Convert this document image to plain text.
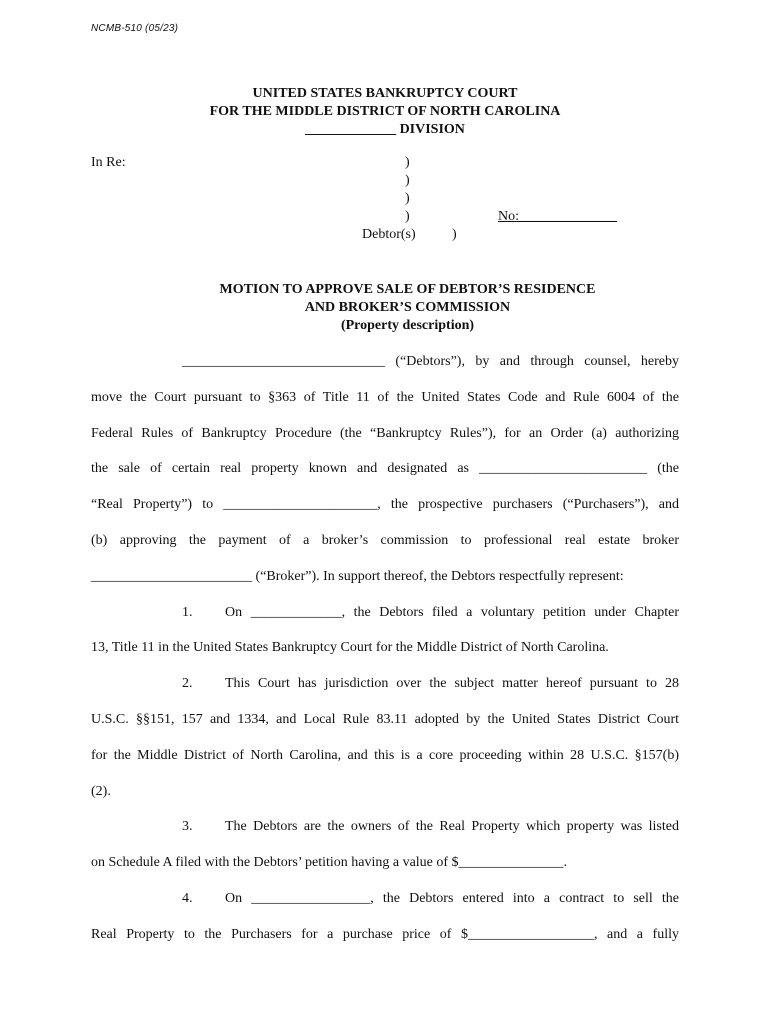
NCMB-510 (05/23)
UNITED STATES BANKRUPTCY COURT
FOR THE MIDDLE DISTRICT OF NORTH CAROLINA
_____________ DIVISION
In Re:	)
)
)
)	No:______________
Debtor(s)	)
MOTION TO APPROVE SALE OF DEBTOR’S RESIDENCE
AND BROKER’S COMMISSION
(Property description)

_____________________________ (“Debtors”), by and through counsel, hereby

move the Court pursuant to §363 of Title 11 of the United States Code and Rule 6004 of the

Federal Rules of Bankruptcy Procedure (the “Bankruptcy Rules”), for an Order (a) authorizing

the sale of certain real property known and designated as ________________________ (the

“Real Property”) to ______________________, the prospective purchasers (“Purchasers”), and

(b) approving the payment of a broker’s commission to professional real estate broker

_______________________ (“Broker”). In support thereof, the Debtors respectfully represent:

1. On _____________, the Debtors filed a voluntary petition under Chapter

13, Title 11 in the United States Bankruptcy Court for the Middle District of North Carolina.

2. This Court has jurisdiction over the subject matter hereof pursuant to 28

U.S.C. §§151, 157 and 1334, and Local Rule 83.11 adopted by the United States District Court

for the Middle District of North Carolina, and this is a core proceeding within 28 U.S.C. §157(b)

(2).

3. The Debtors are the owners of the Real Property which property was listed

on Schedule A filed with the Debtors’ petition having a value of $_______________.

4. On _________________, the Debtors entered into a contract to sell the

Real Property to the Purchasers for a purchase price of $__________________, and a fully
